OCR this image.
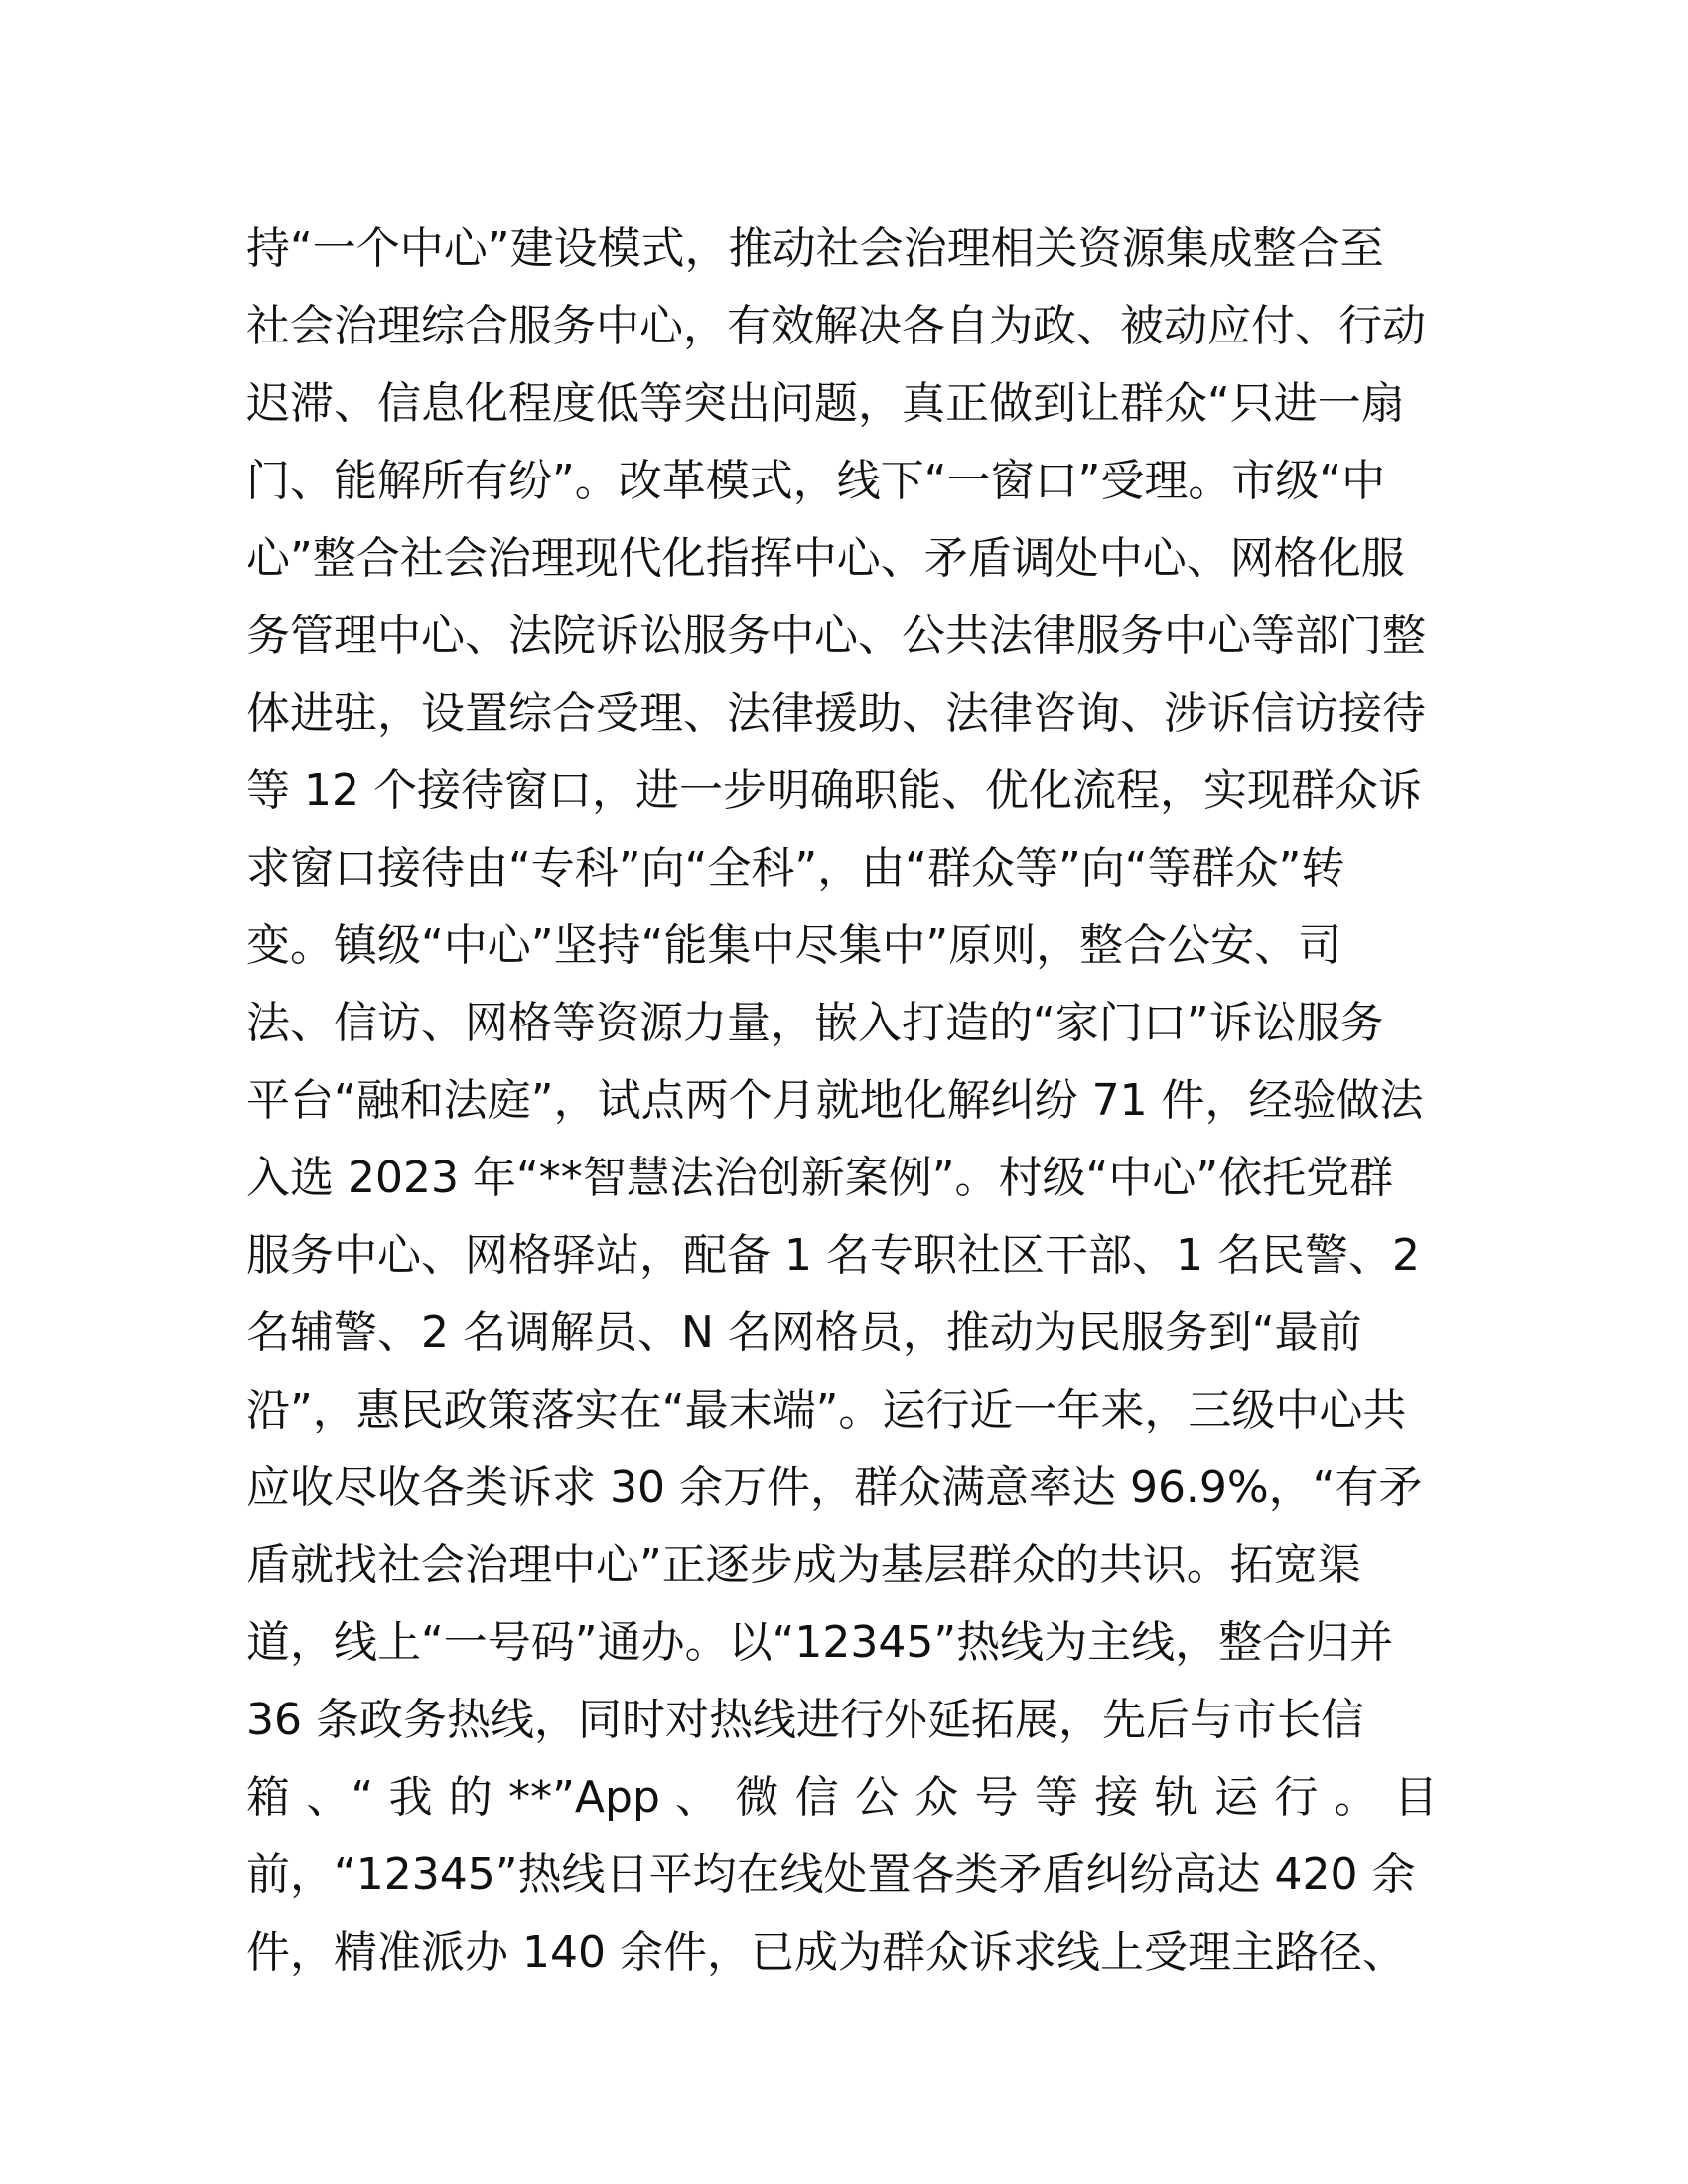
持“一个中心”建设模式，推动社会治理相关资源集成整合至
社会治理综合服务中心，有效解决各自为政、被动应付、行动
迟滞、信息化程度低等突出问题，真正做到让群众“只进一扇
门、能解所有纷”。改革模式，线下“一窗口”受理。市级“中
心”整合社会治理现代化指挥中心、矛盾调处中心、网格化服
务管理中心、法院诉讼服务中心、公共法律服务中心等部门整
体进驻，设置综合受理、法律援助、法律咨询、涉诉信访接待
等 12 个接待窗口，进一步明确职能、优化流程，实现群众诉
求窗口接待由“专科”向“全科”，由“群众等”向“等群众”转
变。镇级“中心”坚持“能集中尽集中”原则，整合公安、司
法、信访、网格等资源力量，嵌入打造的“家门口”诉讼服务
平台“融和法庭”，试点两个月就地化解纠纷 71 件，经验做法
入选 2023 年“**智慧法治创新案例”。村级“中心”依托党群
服务中心、网格驿站，配备 1 名专职社区干部、1 名民警、2
名辅警、2 名调解员、N 名网格员，推动为民服务到“最前
沿”，惠民政策落实在“最末端”。运行近一年来，三级中心共
应收尽收各类诉求 30 余万件，群众满意率达 96.9%，“有矛
盾就找社会治理中心”正逐步成为基层群众的共识。拓宽渠
道，线上“一号码”通办。以“12345”热线为主线，整合归并
36 条政务热线，同时对热线进行外延拓展，先后与市长信
箱 、“ 我 的 **”App 、 微 信 公 众 号 等 接 轨 运 行 。 目
前，“12345”热线日平均在线处置各类矛盾纠纷高达 420 余
件，精准派办 140 余件，已成为群众诉求线上受理主路径、
